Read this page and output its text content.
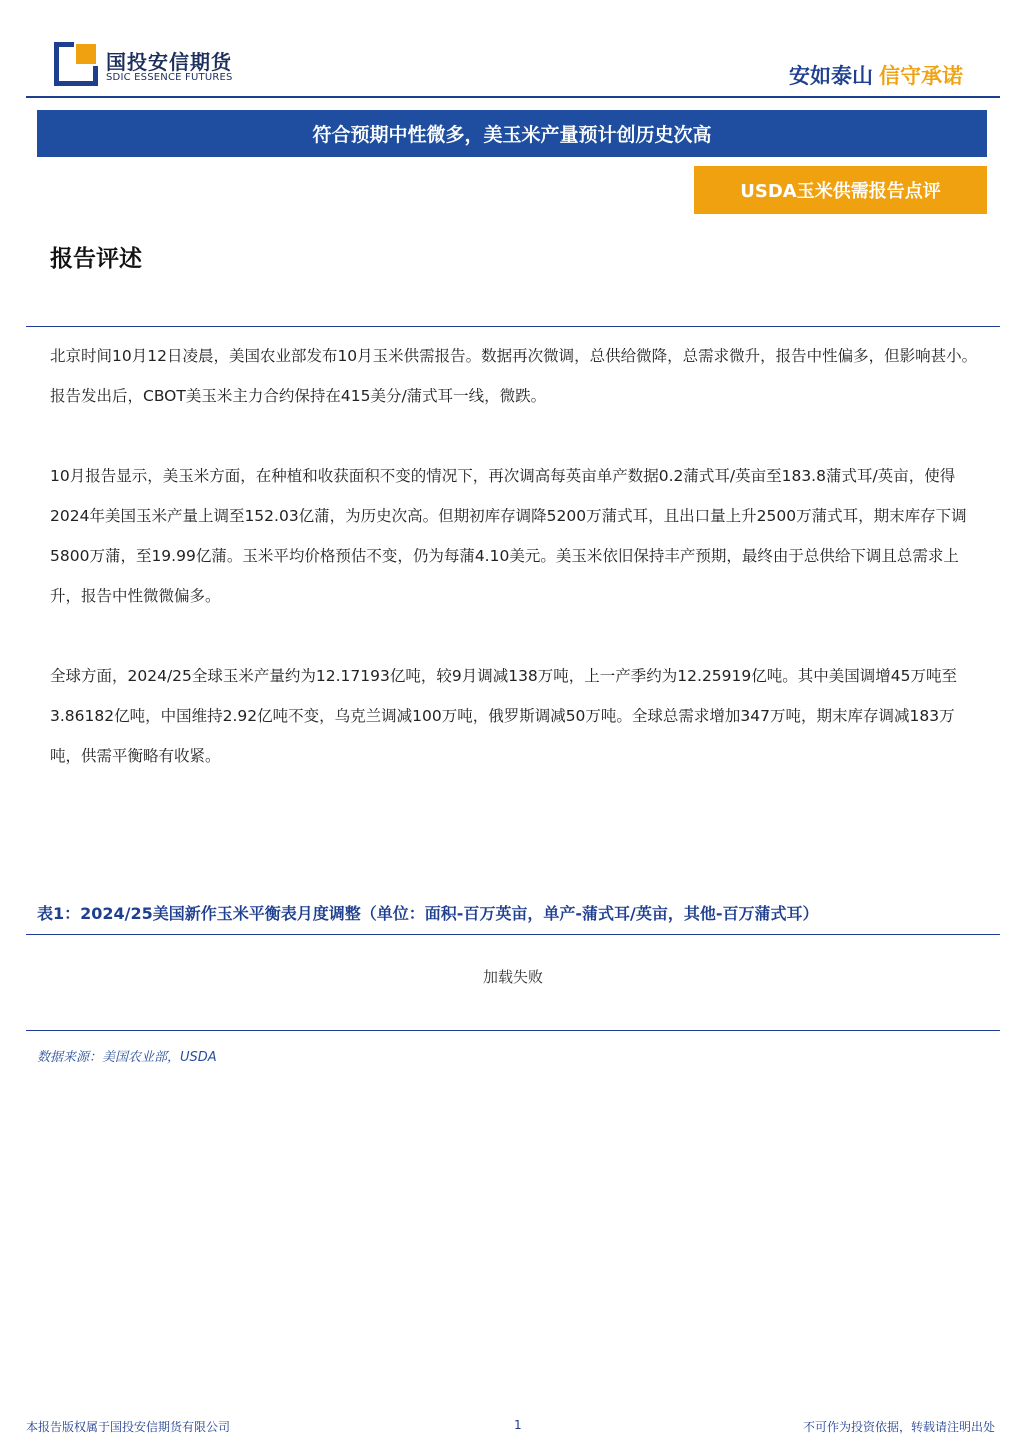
国投安信期货
SDIC ESSENCE FUTURES	安如泰山 信守承诺
符合预期中性微多，美玉米产量预计创历史次高
USDA玉米供需报告点评
报告评述

北京时间10月12日凌晨，美国农业部发布10月玉米供需报告。数据再次微调，总供给微降，总需求微升，报告中性偏多，但影响甚小。报告发出后，CBOT美玉米主力合约保持在415美分/蒲式耳一线，微跌。

10月报告显示，美玉米方面，在种植和收获面积不变的情况下，再次调高每英亩单产数据0.2蒲式耳/英亩至183.8蒲式耳/英亩，使得2024年美国玉米产量上调至152.03亿蒲，为历史次高。但期初库存调降5200万蒲式耳，且出口量上升2500万蒲式耳，期末库存下调5800万蒲，至19.99亿蒲。玉米平均价格预估不变，仍为每蒲4.10美元。美玉米依旧保持丰产预期，最终由于总供给下调且总需求上升，报告中性微微偏多。

全球方面，2024/25全球玉米产量约为12.17193亿吨，较9月调减138万吨，上一产季约为12.25919亿吨。其中美国调增45万吨至3.86182亿吨，中国维持2.92亿吨不变，乌克兰调减100万吨，俄罗斯调减50万吨。全球总需求增加347万吨，期末库存调减183万吨，供需平衡略有收紧。

表1：2024/25美国新作玉米平衡表月度调整（单位：面积-百万英亩，单产-蒲式耳/英亩，其他-百万蒲式耳）
加载失败
数据来源：美国农业部，USDA
本报告版权属于国投安信期货有限公司	1	不可作为投资依据，转载请注明出处
